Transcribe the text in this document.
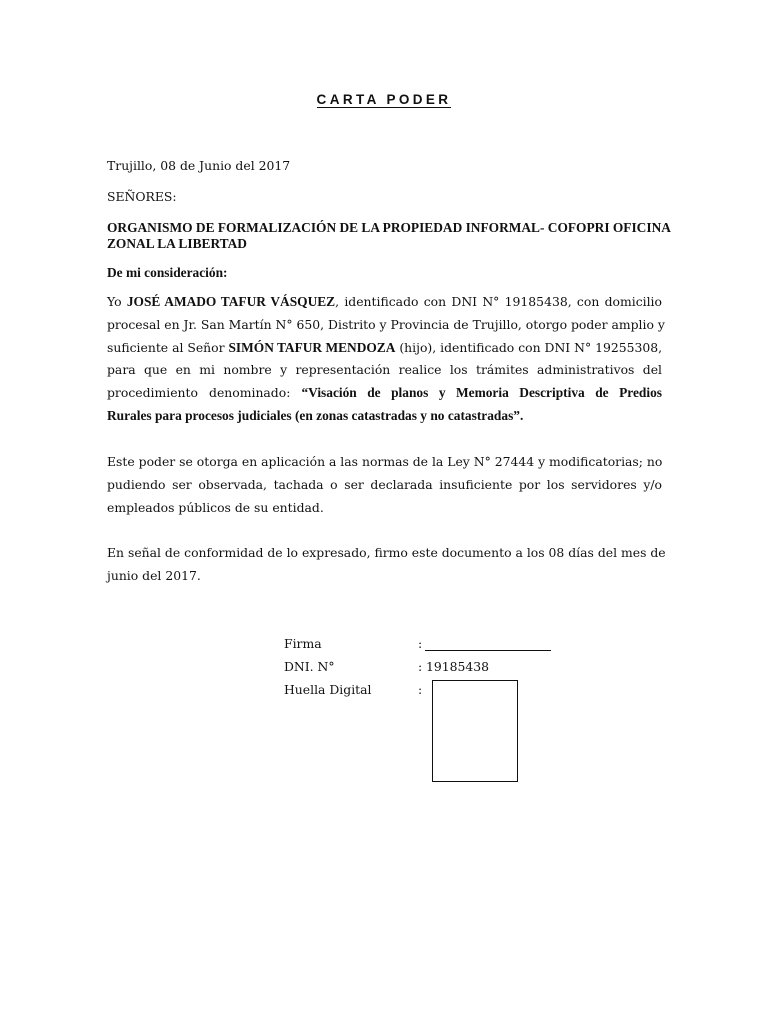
CARTA PODER
Trujillo, 08 de Junio del 2017
SEÑORES:
ORGANISMO DE FORMALIZACIÓN DE LA PROPIEDAD INFORMAL- COFOPRI OFICINA
ZONAL LA LIBERTAD
De mi consideración:
Yo JOSÉ AMADO TAFUR VÁSQUEZ, identificado con DNI N° 19185438, con domicilio
procesal en Jr. San Martín N° 650, Distrito y Provincia de Trujillo, otorgo poder amplio y
suficiente al Señor SIMÓN TAFUR MENDOZA (hijo), identificado con DNI N° 19255308,
para que en mi nombre y representación realice los trámites administrativos del
procedimiento denominado: “Visación de planos y Memoria Descriptiva de Predios
Rurales para procesos judiciales (en zonas catastradas y no catastradas”.
Este poder se otorga en aplicación a las normas de la Ley N° 27444 y modificatorias; no
pudiendo ser observada, tachada o ser declarada insuficiente por los servidores y/o
empleados públicos de su entidad.
En señal de conformidad de lo expresado, firmo este documento a los 08 días del mes de
junio del 2017.
Firma	:
DNI. N°	: 19185438
Huella Digital	:
